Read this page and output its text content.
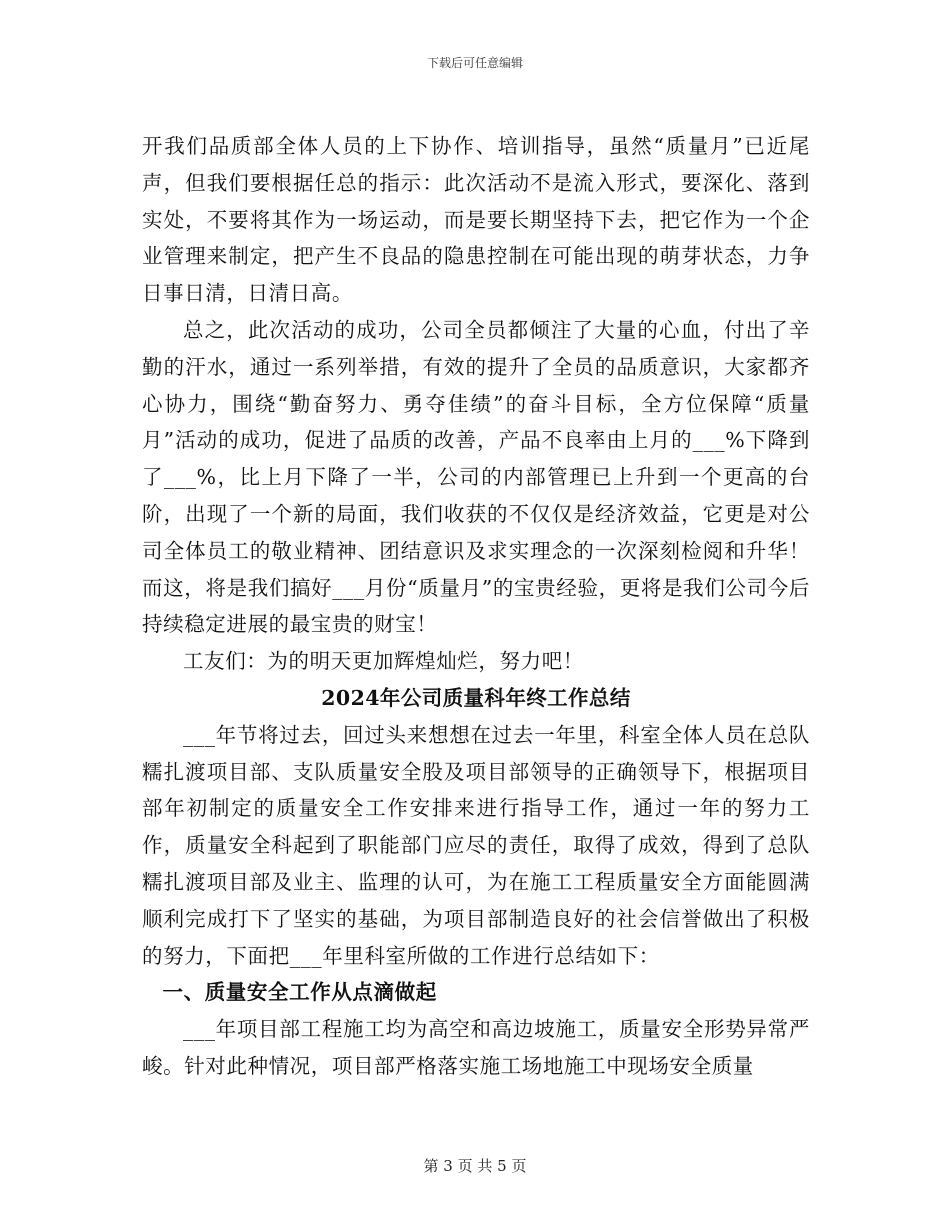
下载后可任意编辑

开我们品质部全体人员的上下协作、培训指导，虽然“质量月”已近尾声，但我们要根据任总的指示：此次活动不是流入形式，要深化、落到实处，不要将其作为一场运动，而是要长期坚持下去，把它作为一个企业管理来制定，把产生不良品的隐患控制在可能出现的萌芽状态，力争日事日清，日清日高。

总之，此次活动的成功，公司全员都倾注了大量的心血，付出了辛勤的汗水，通过一系列举措，有效的提升了全员的品质意识，大家都齐心协力，围绕“勤奋努力、勇夺佳绩”的奋斗目标，全方位保障“质量月”活动的成功，促进了品质的改善，产品不良率由上月的___%下降到了___%，比上月下降了一半，公司的内部管理已上升到一个更高的台阶，出现了一个新的局面，我们收获的不仅仅是经济效益，它更是对公司全体员工的敬业精神、团结意识及求实理念的一次深刻检阅和升华！而这，将是我们搞好___月份“质量月”的宝贵经验，更将是我们公司今后持续稳定进展的最宝贵的财宝！

工友们：为的明天更加辉煌灿烂，努力吧！

2024年公司质量科年终工作总结

___年节将过去，回过头来想想在过去一年里，科室全体人员在总队糯扎渡项目部、支队质量安全股及项目部领导的正确领导下，根据项目部年初制定的质量安全工作安排来进行指导工作，通过一年的努力工作，质量安全科起到了职能部门应尽的责任，取得了成效，得到了总队糯扎渡项目部及业主、监理的认可，为在施工工程质量安全方面能圆满顺利完成打下了坚实的基础，为项目部制造良好的社会信誉做出了积极的努力，下面把___年里科室所做的工作进行总结如下：

一、质量安全工作从点滴做起

___年项目部工程施工均为高空和高边坡施工，质量安全形势异常严峻。针对此种情况，项目部严格落实施工场地施工中现场安全质量

第 3 页 共 5 页
